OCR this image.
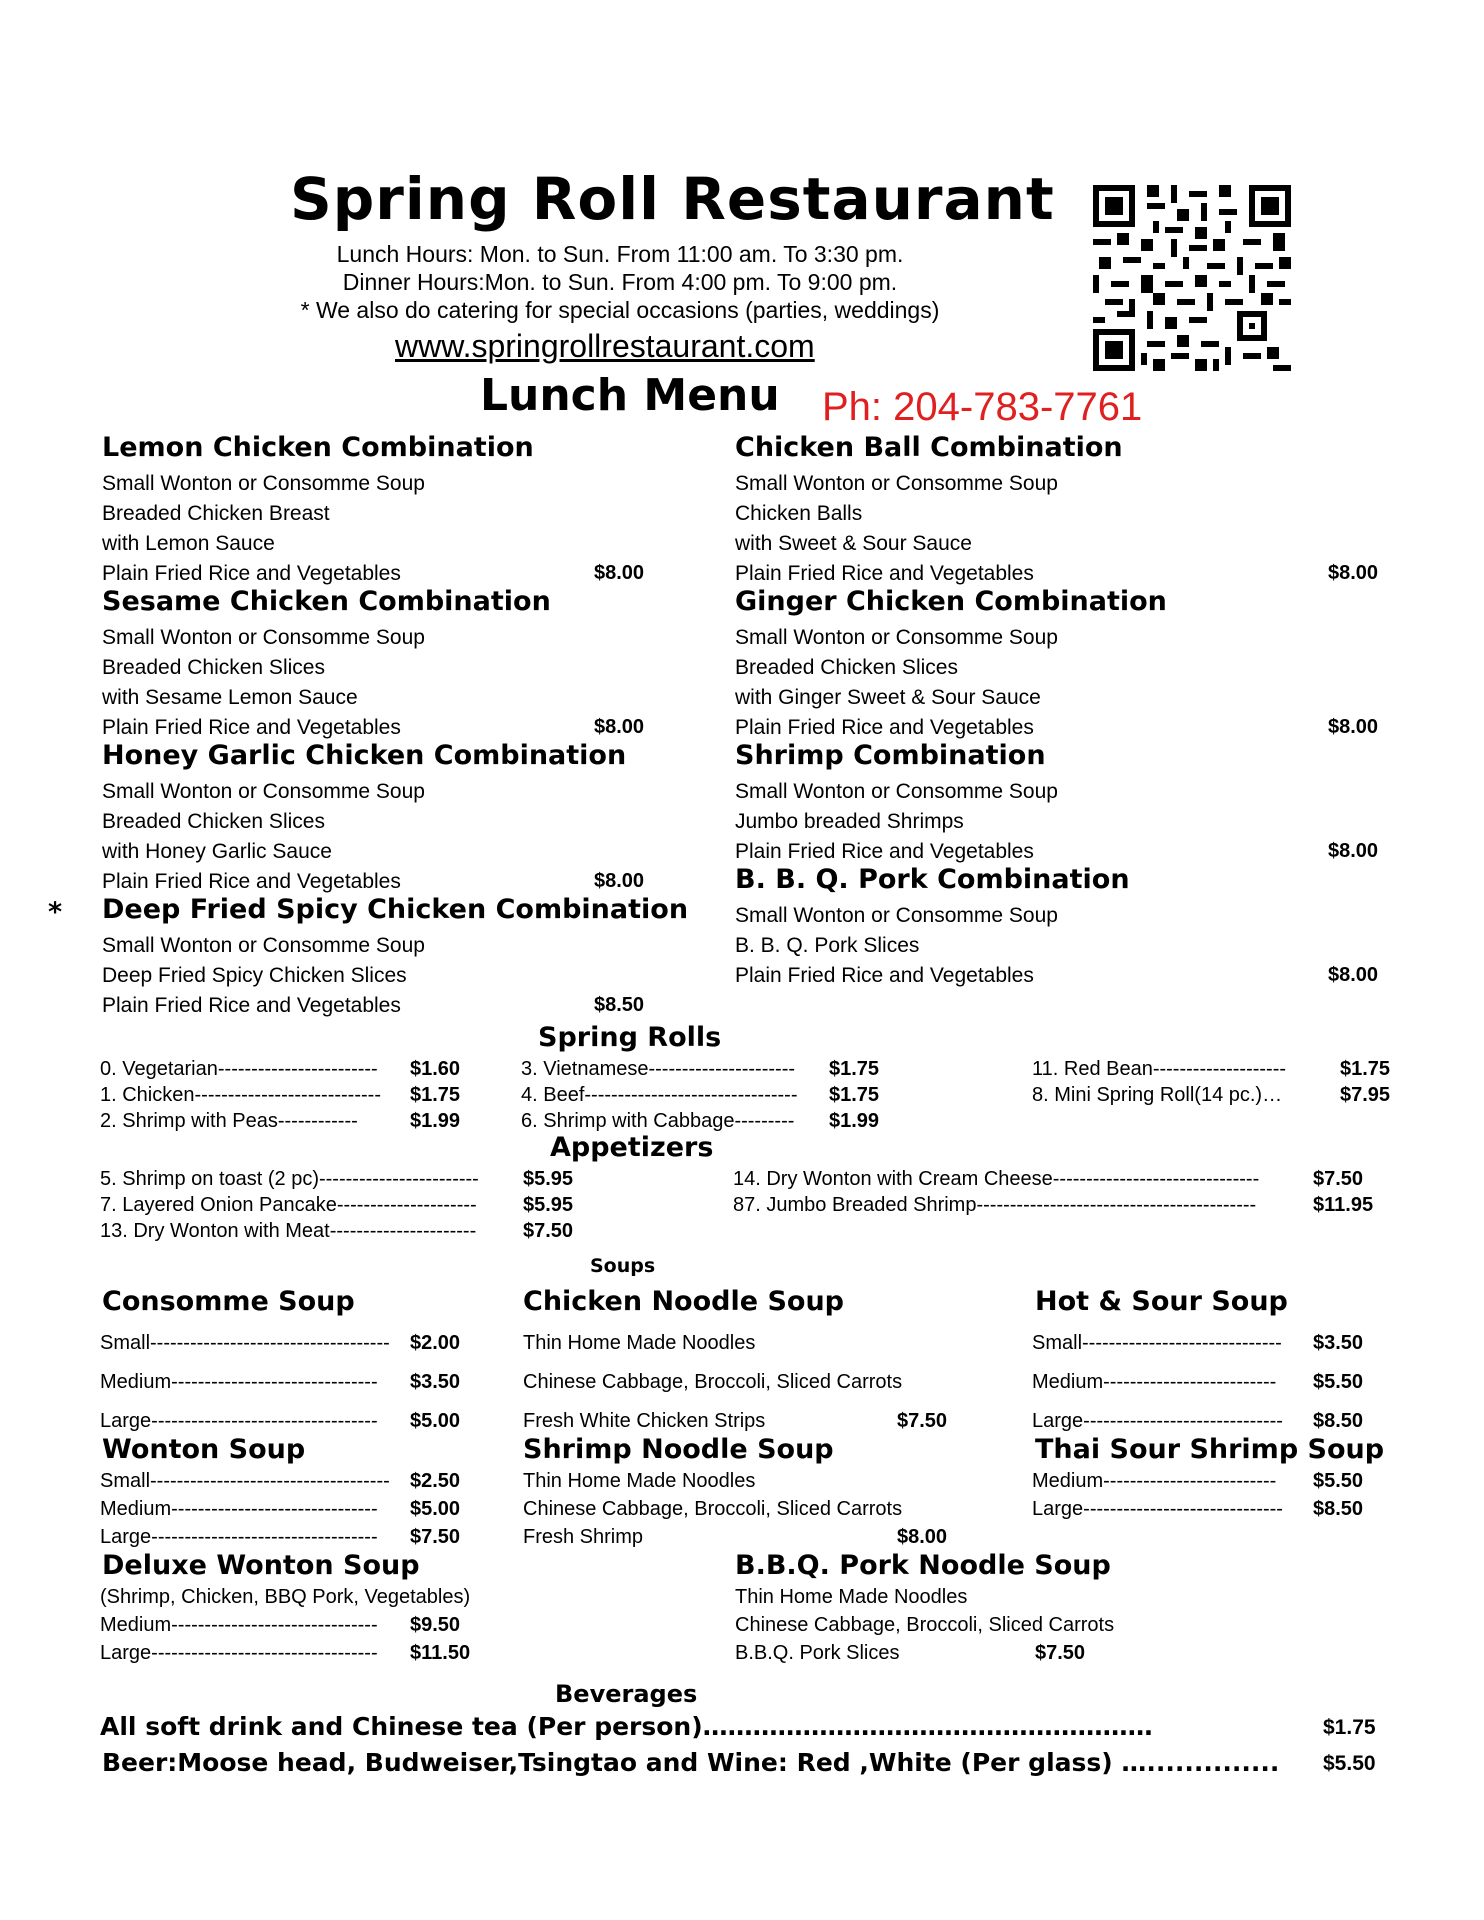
Spring Roll Restaurant
Lunch Hours: Mon. to Sun. From 11:00 am. To 3:30 pm.
Dinner Hours:Mon. to Sun. From 4:00 pm. To 9:00 pm.
* We also do catering for special occasions (parties, weddings)
www.springrollrestaurant.com
Lunch Menu Ph: 204-783-7761
Lemon Chicken Combination
Small Wonton or Consomme Soup
Breaded Chicken Breast
with Lemon Sauce
Plain Fried Rice and Vegetables	$8.00
Sesame Chicken Combination
Small Wonton or Consomme Soup
Breaded Chicken Slices
with Sesame Lemon Sauce
Plain Fried Rice and Vegetables	$8.00
Honey Garlic Chicken Combination
Small Wonton or Consomme Soup
Breaded Chicken Slices
with Honey Garlic Sauce
Plain Fried Rice and Vegetables	$8.00
* Deep Fried Spicy Chicken Combination
Small Wonton or Consomme Soup
Deep Fried Spicy Chicken Slices
Plain Fried Rice and Vegetables	$8.50
Chicken Ball Combination
Small Wonton or Consomme Soup
Chicken Balls
with Sweet & Sour Sauce
Plain Fried Rice and Vegetables	$8.00
Ginger Chicken Combination
Small Wonton or Consomme Soup
Breaded Chicken Slices
with Ginger Sweet & Sour Sauce
Plain Fried Rice and Vegetables	$8.00
Shrimp Combination
Small Wonton or Consomme Soup
Jumbo breaded Shrimps
Plain Fried Rice and Vegetables	$8.00
B. B. Q. Pork Combination
Small Wonton or Consomme Soup
B. B. Q. Pork Slices
Plain Fried Rice and Vegetables	$8.00
Spring Rolls
0. Vegetarian------------------------ $1.60
1. Chicken---------------------------- $1.75
2. Shrimp with Peas------------	$1.99
3. Vietnamese---------------------- $1.75
4. Beef-------------------------------- $1.75
6. Shrimp with Cabbage--------- $1.99
11. Red Bean--------------------	$1.75
8. Mini Spring Roll(14 pc.)…	$7.95
Appetizers
5. Shrimp on toast (2 pc)------------------------ $5.95
7. Layered Onion Pancake--------------------- $5.95
13. Dry Wonton with Meat---------------------- $7.50
14. Dry Wonton with Cream Cheese-------------------------------	$7.50
87. Jumbo Breaded Shrimp------------------------------------------	$11.95
Soups
Consomme Soup
Small------------------------------------ $2.00
Medium------------------------------- $3.50
Large---------------------------------- $5.00
Wonton Soup
Small------------------------------------ $2.50
Medium------------------------------- $5.00
Large---------------------------------- $7.50
Deluxe Wonton Soup
(Shrimp, Chicken, BBQ Pork, Vegetables)
Medium------------------------------- $9.50
Large---------------------------------- $11.50
Chicken Noodle Soup
Thin Home Made Noodles
Chinese Cabbage, Broccoli, Sliced Carrots
Fresh White Chicken Strips	$7.50
Shrimp Noodle Soup
Thin Home Made Noodles
Chinese Cabbage, Broccoli, Sliced Carrots
Fresh Shrimp	$8.00
B.B.Q. Pork Noodle Soup
Thin Home Made Noodles
Chinese Cabbage, Broccoli, Sliced Carrots
B.B.Q. Pork Slices	$7.50
Hot & Sour Soup
Small------------------------------ $3.50
Medium-------------------------- $5.50
Large------------------------------ $8.50
Thai Sour Shrimp Soup
Medium-------------------------- $5.50
Large------------------------------ $8.50
Beverages
All soft drink and Chinese tea (Per person)………………………………………………	$1.75
Beer:Moose head, Budweiser,Tsingtao and Wine: Red ,White (Per glass) ….............. $5.50
